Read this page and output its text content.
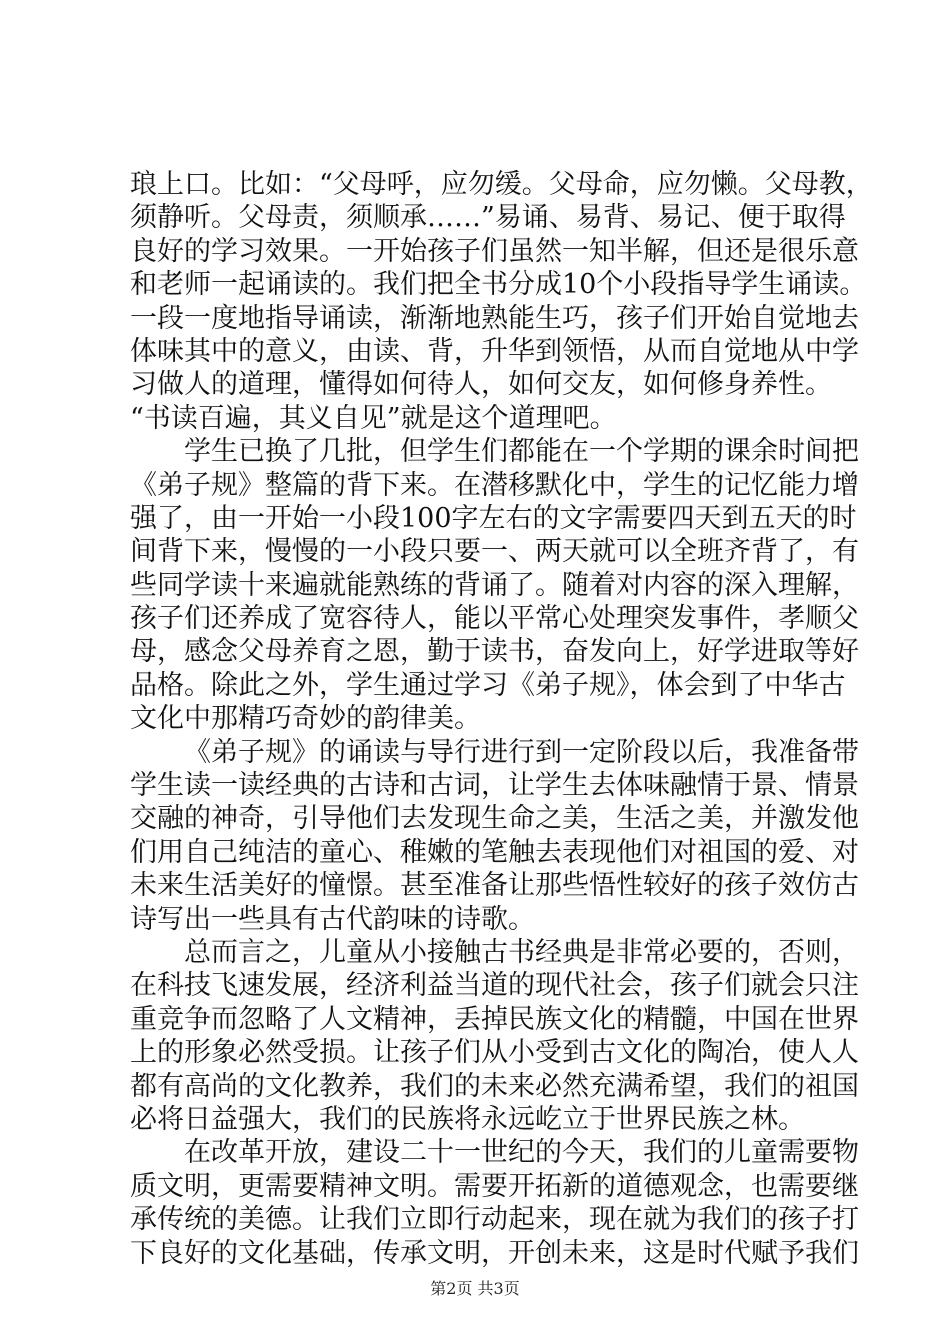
琅上口。比如：“父母呼，应勿缓。父母命，应勿懒。父母教，
须静听。父母责，须顺承……”易诵、易背、易记、便于取得
良好的学习效果。一开始孩子们虽然一知半解，但还是很乐意
和老师一起诵读的。我们把全书分成10个小段指导学生诵读。
一段一度地指导诵读，渐渐地熟能生巧，孩子们开始自觉地去
体味其中的意义，由读、背，升华到领悟，从而自觉地从中学
习做人的道理，懂得如何待人，如何交友，如何修身养性。
“书读百遍，其义自见”就是这个道理吧。
学生已换了几批，但学生们都能在一个学期的课余时间把
《弟子规》整篇的背下来。在潜移默化中，学生的记忆能力增
强了，由一开始一小段100字左右的文字需要四天到五天的时
间背下来，慢慢的一小段只要一、两天就可以全班齐背了，有
些同学读十来遍就能熟练的背诵了。随着对内容的深入理解，
孩子们还养成了宽容待人，能以平常心处理突发事件，孝顺父
母，感念父母养育之恩，勤于读书，奋发向上，好学进取等好
品格。除此之外，学生通过学习《弟子规》，体会到了中华古
文化中那精巧奇妙的韵律美。
《弟子规》的诵读与导行进行到一定阶段以后，我准备带
学生读一读经典的古诗和古词，让学生去体味融情于景、情景
交融的神奇，引导他们去发现生命之美，生活之美，并激发他
们用自己纯洁的童心、稚嫩的笔触去表现他们对祖国的爱、对
未来生活美好的憧憬。甚至准备让那些悟性较好的孩子效仿古
诗写出一些具有古代韵味的诗歌。
总而言之，儿童从小接触古书经典是非常必要的，否则，
在科技飞速发展，经济利益当道的现代社会，孩子们就会只注
重竞争而忽略了人文精神，丢掉民族文化的精髓，中国在世界
上的形象必然受损。让孩子们从小受到古文化的陶冶，使人人
都有高尚的文化教养，我们的未来必然充满希望，我们的祖国
必将日益强大，我们的民族将永远屹立于世界民族之林。
在改革开放，建设二十一世纪的今天，我们的儿童需要物
质文明，更需要精神文明。需要开拓新的道德观念，也需要继
承传统的美德。让我们立即行动起来，现在就为我们的孩子打
下良好的文化基础，传承文明，开创未来，这是时代赋予我们
第2页 共3页
